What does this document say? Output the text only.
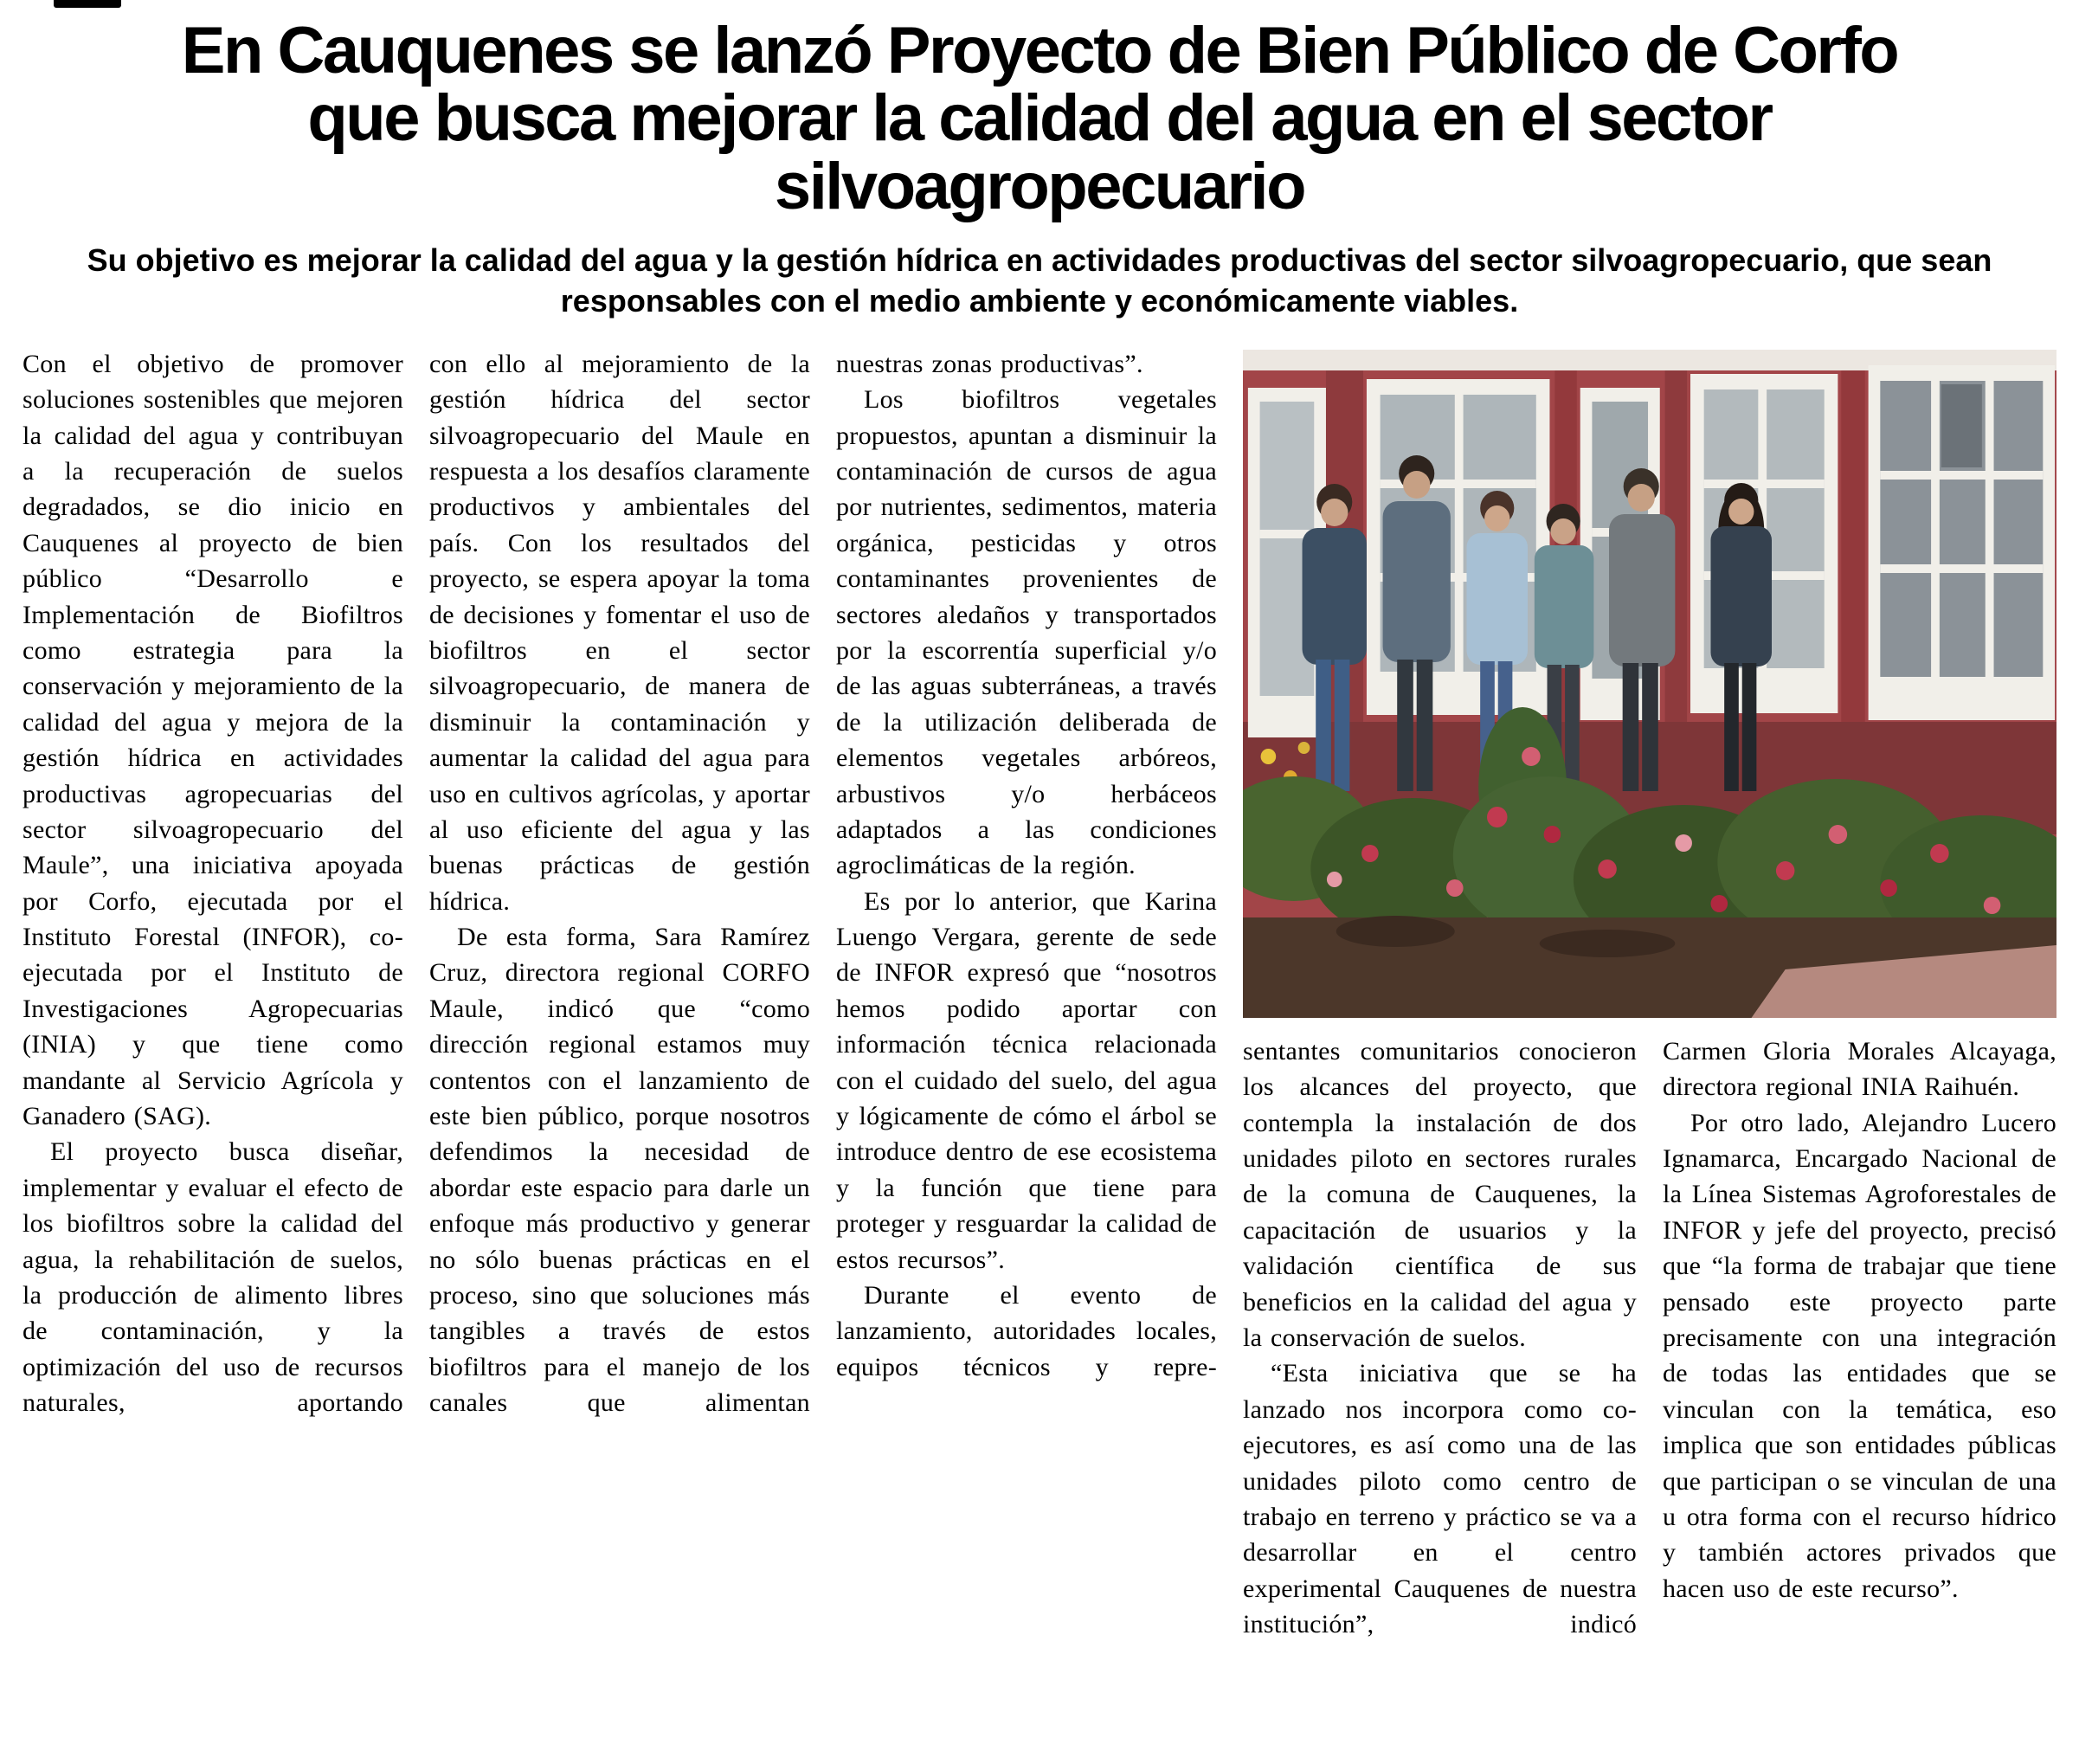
En Cauquenes se lanzó Proyecto de Bien Público de Corfo
que busca mejorar la calidad del agua en el sector
silvoagropecuario

Su objetivo es mejorar la calidad del agua y la gestión hídrica en actividades productivas del sector silvoagropecuario, que sean responsables con el medio ambiente y económicamente viables.

Con el objetivo de promover soluciones sostenibles que mejoren la calidad del agua y contribuyan a la recuperación de suelos degradados, se dio inicio en Cauquenes al proyecto de bien público “Desarrollo e Implementación de Biofiltros como estrategia para la conservación y mejoramiento de la calidad del agua y mejora de la gestión hídrica en actividades productivas agropecuarias del sector silvoagropecuario del Maule”, una iniciativa apoyada por Corfo, ejecutada por el Instituto Forestal (INFOR), co-ejecutada por el Instituto de Investigaciones Agropecuarias (INIA) y que tiene como mandante al Servicio Agrícola y Ganadero (SAG).

El proyecto busca diseñar, implementar y evaluar el efecto de los biofiltros sobre la calidad del agua, la rehabilitación de suelos, la producción de alimento libres de contaminación, y la optimización del uso de recursos naturales, aportando

con ello al mejoramiento de la gestión hídrica del sector silvoagropecuario del Maule en respuesta a los desafíos claramente productivos y ambientales del país. Con los resultados del proyecto, se espera apoyar la toma de decisiones y fomentar el uso de biofiltros en el sector silvoagropecuario, de manera de disminuir la contaminación y aumentar la calidad del agua para uso en cultivos agrícolas, y aportar al uso eficiente del agua y las buenas prácticas de gestión hídrica.

De esta forma, Sara Ramírez Cruz, directora regional CORFO Maule, indicó que “como dirección regional estamos muy contentos con el lanzamiento de este bien público, porque nosotros defendimos la necesidad de abordar este espacio para darle un enfoque más productivo y generar no sólo buenas prácticas en el proceso, sino que soluciones más tangibles a través de estos biofiltros para el manejo de los canales que alimentan

nuestras zonas productivas”.

Los biofiltros vegetales propuestos, apuntan a disminuir la contaminación de cursos de agua por nutrientes, sedimentos, materia orgánica, pesticidas y otros contaminantes provenientes de sectores aledaños y transportados por la escorrentía superficial y/o de las aguas subterráneas, a través de la utilización deliberada de elementos vegetales arbóreos, arbustivos y/o herbáceos adaptados a las condiciones agroclimáticas de la región.

Es por lo anterior, que Karina Luengo Vergara, gerente de sede de INFOR expresó que “nosotros hemos podido aportar con información técnica relacionada con el cuidado del suelo, del agua y lógicamente de cómo el árbol se introduce dentro de ese ecosistema y la función que tiene para proteger y resguardar la calidad de estos recursos”.

Durante el evento de lanzamiento, autoridades locales, equipos técnicos y repre-

sentantes comunitarios conocieron los alcances del proyecto, que contempla la instalación de dos unidades piloto en sectores rurales de la comuna de Cauquenes, la capacitación de usuarios y la validación científica de sus beneficios en la calidad del agua y la conservación de suelos.

“Esta iniciativa que se ha lanzado nos incorpora como co-ejecutores, es así como una de las unidades piloto como centro de trabajo en terreno y práctico se va a desarrollar en el centro experimental Cauquenes de nuestra institución”, indicó

Carmen Gloria Morales Alcayaga, directora regional INIA Raihuén.

Por otro lado, Alejandro Lucero Ignamarca, Encargado Nacional de la Línea Sistemas Agroforestales de INFOR y jefe del proyecto, precisó que “la forma de trabajar que tiene pensado este proyecto parte precisamente con una integración de todas las entidades que se vinculan con la temática, eso implica que son entidades públicas que participan o se vinculan de una u otra forma con el recurso hídrico y también actores privados que hacen uso de este recurso”.
